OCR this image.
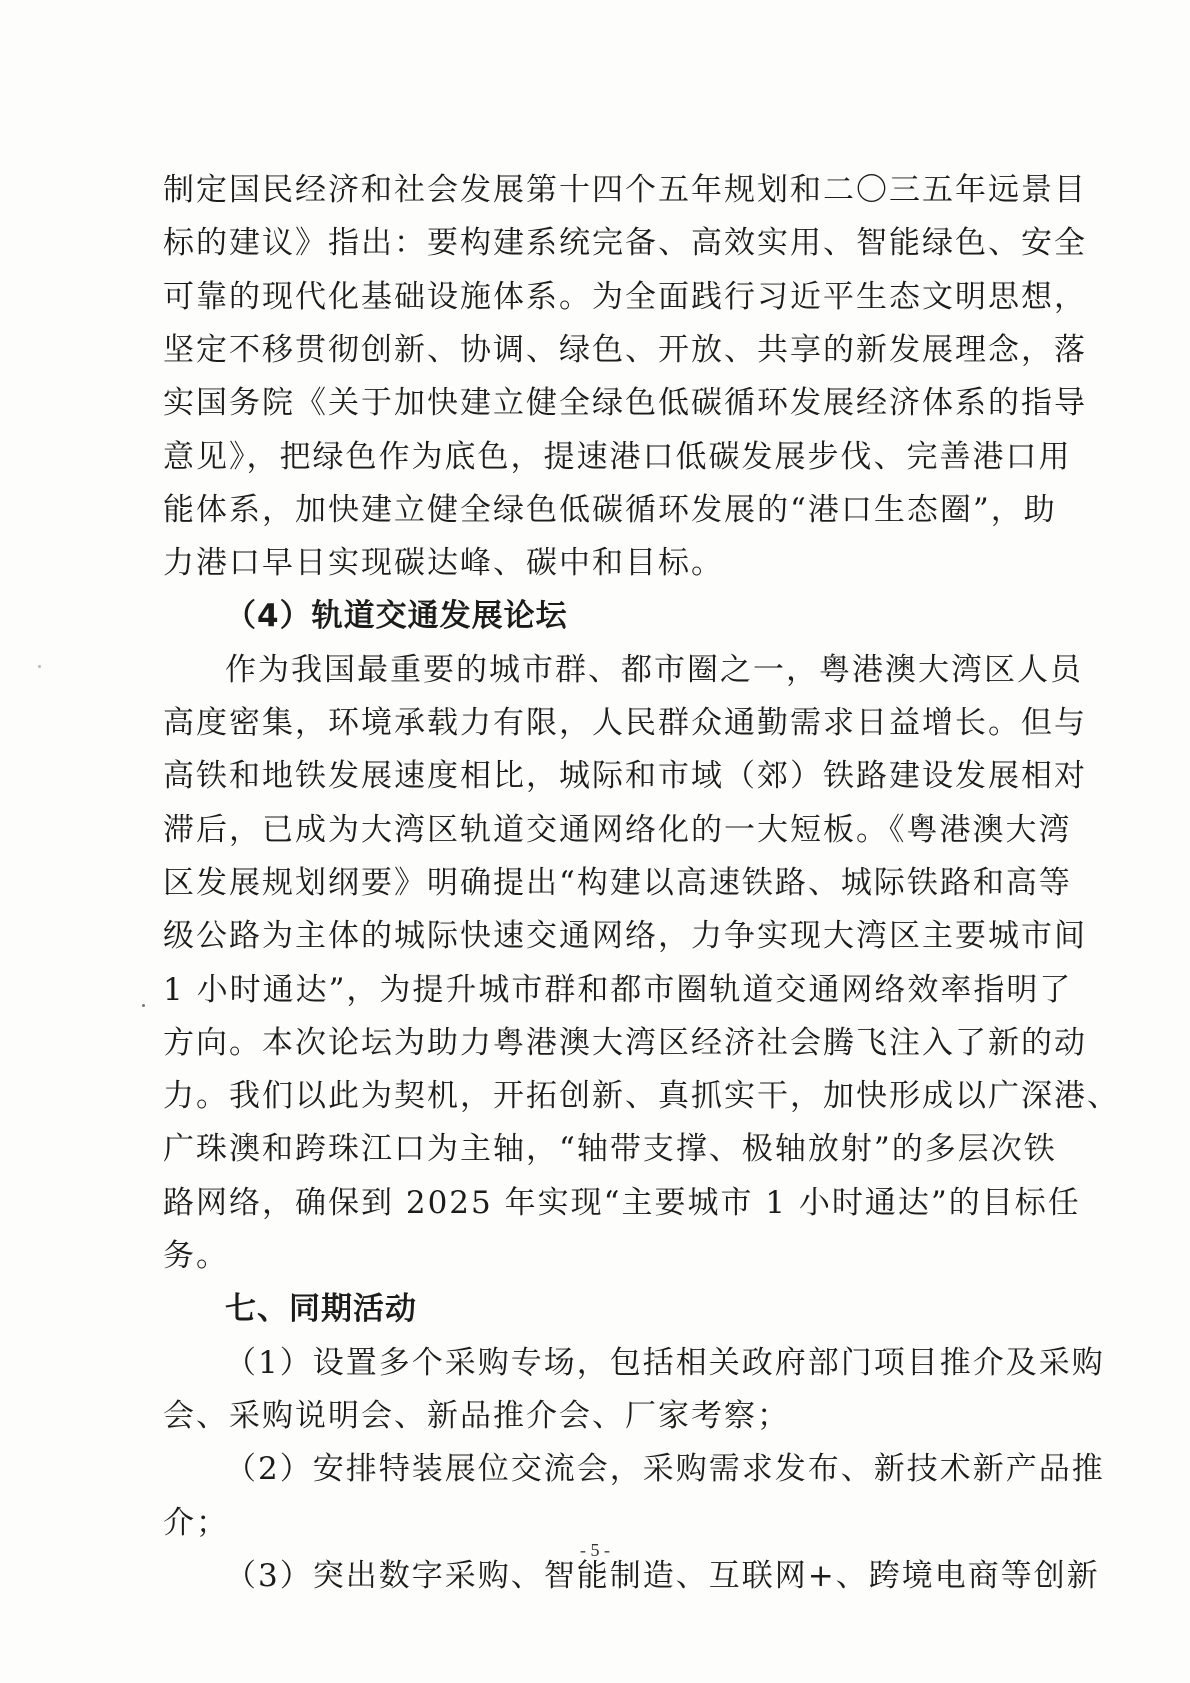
制定国民经济和社会发展第十四个五年规划和二〇三五年远景目
标的建议》指出：要构建系统完备、高效实用、智能绿色、安全
可靠的现代化基础设施体系。为全面践行习近平生态文明思想，
坚定不移贯彻创新、协调、绿色、开放、共享的新发展理念，落
实国务院《关于加快建立健全绿色低碳循环发展经济体系的指导
意见》，把绿色作为底色，提速港口低碳发展步伐、完善港口用
能体系，加快建立健全绿色低碳循环发展的“港口生态圈”，助
力港口早日实现碳达峰、碳中和目标。
（4）轨道交通发展论坛
作为我国最重要的城市群、都市圈之一，粤港澳大湾区人员
高度密集，环境承载力有限，人民群众通勤需求日益增长。但与
高铁和地铁发展速度相比，城际和市域（郊）铁路建设发展相对
滞后，已成为大湾区轨道交通网络化的一大短板。《粤港澳大湾
区发展规划纲要》明确提出“构建以高速铁路、城际铁路和高等
级公路为主体的城际快速交通网络，力争实现大湾区主要城市间
1 小时通达”，为提升城市群和都市圈轨道交通网络效率指明了
方向。本次论坛为助力粤港澳大湾区经济社会腾飞注入了新的动
力。我们以此为契机，开拓创新、真抓实干，加快形成以广深港、
广珠澳和跨珠江口为主轴，“轴带支撑、极轴放射”的多层次铁
路网络，确保到 2025 年实现“主要城市 1 小时通达”的目标任
务。
七、同期活动
（1）设置多个采购专场，包括相关政府部门项目推介及采购
会、采购说明会、新品推介会、厂家考察；
（2）安排特装展位交流会，采购需求发布、新技术新产品推
介；
（3）突出数字采购、智能制造、互联网+、跨境电商等创新
- 5 -
